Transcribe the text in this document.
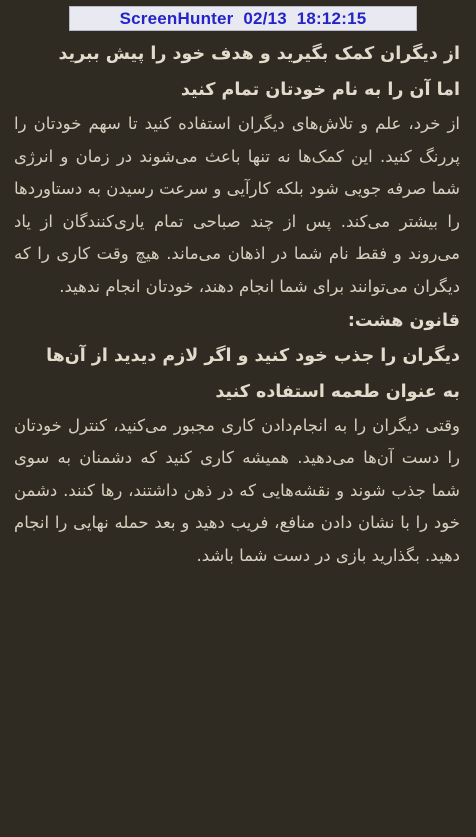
ScreenHunter  02/13  18:12:15

از دیگران کمک بگیرید و هدف خود را پیش ببرید

اما آن را به نام خودتان تمام کنید

از خرد، علم و تلاش‌های دیگران استفاده کنید تا سهم خودتان را پررنگ کنید. این کمک‌ها نه تنها باعث می‌شوند در زمان و انرژی شما صرفه جویی شود بلکه کارآیی و سرعت رسیدن به دستاوردها را بیشتر می‌کند. پس از چند صباحی تمام یاری‌کنندگان از یاد می‌روند و فقط نام شما در اذهان می‌ماند. هیچ وقت کاری را که دیگران می‌توانند برای شما انجام دهند، خودتان انجام ندهید.

قانون هشت:

دیگران را جذب خود کنید و اگر لازم دیدید از آن‌ها

به عنوان طعمه استفاده کنید

وقتی دیگران را به انجام‌دادن کاری مجبور می‌کنید، کنترل خودتان را دست آن‌ها می‌دهید. همیشه کاری کنید که دشمنان به سوی شما جذب شوند و نقشه‌هایی که در ذهن داشتند، رها کنند. دشمن خود را با نشان دادن منافع، فریب دهید و بعد حمله نهایی را انجام دهید. بگذارید بازی در دست شما باشد.
